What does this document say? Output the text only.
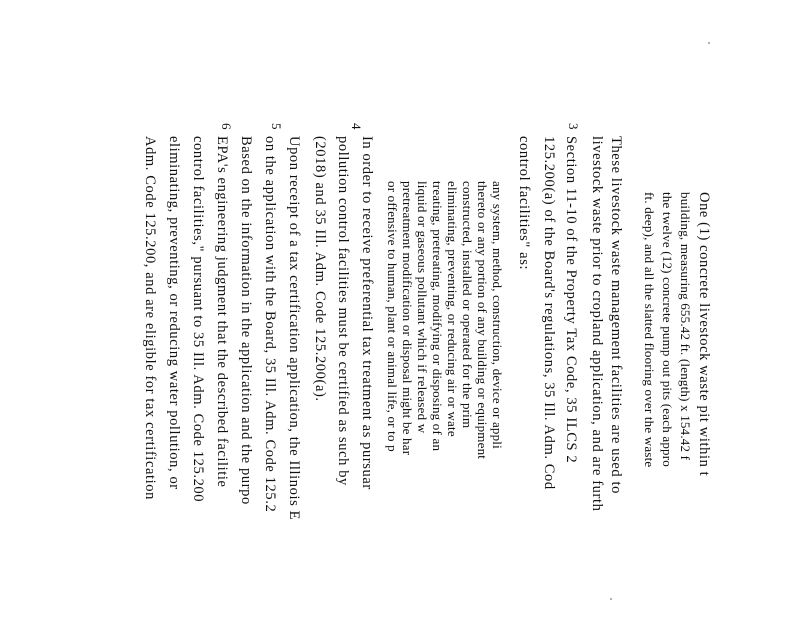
One (1) concrete livestock waste pit within t
building, measuring 655.42 ft. (length) x 154.42 f
the twelve (12) concrete pump out pits (each appro
ft. deep), and all the slatted flooring over the waste
These livestock waste management facilities are used to
livestock waste prior to cropland application, and are furth
Section 11-10 of the Property Tax Code, 35 ILCS 2
125.200(a) of the Board's regulations, 35 Ill. Adm. Cod
control facilities" as:
any system, method, construction, device or appli
thereto or any portion of any building or equipment
constructed, installed or operated for the prim
eliminating, preventing, or reducing air or wate
treating, pretreating, modifying or disposing of an
liquid or gaseous pollutant which if released w
pretreatment modification or disposal might be har
or offensive to human, plant or animal life, or to p
In order to receive preferential tax treatment as pursuar
pollution control facilities must be certified as such by
(2018) and 35 Ill. Adm. Code 125.200(a).
Upon receipt of a tax certification application, the Illinois E
on the application with the Board, 35 Ill. Adm. Code 125.2
Based on the information in the application and the purpo
EPA's engineering judgment that the described facilitie
control facilities," pursuant to 35 Ill. Adm. Code 125.200
eliminating, preventing, or reducing water pollution, or
Adm. Code 125.200, and are eligible for tax certification
3
4
5
6
